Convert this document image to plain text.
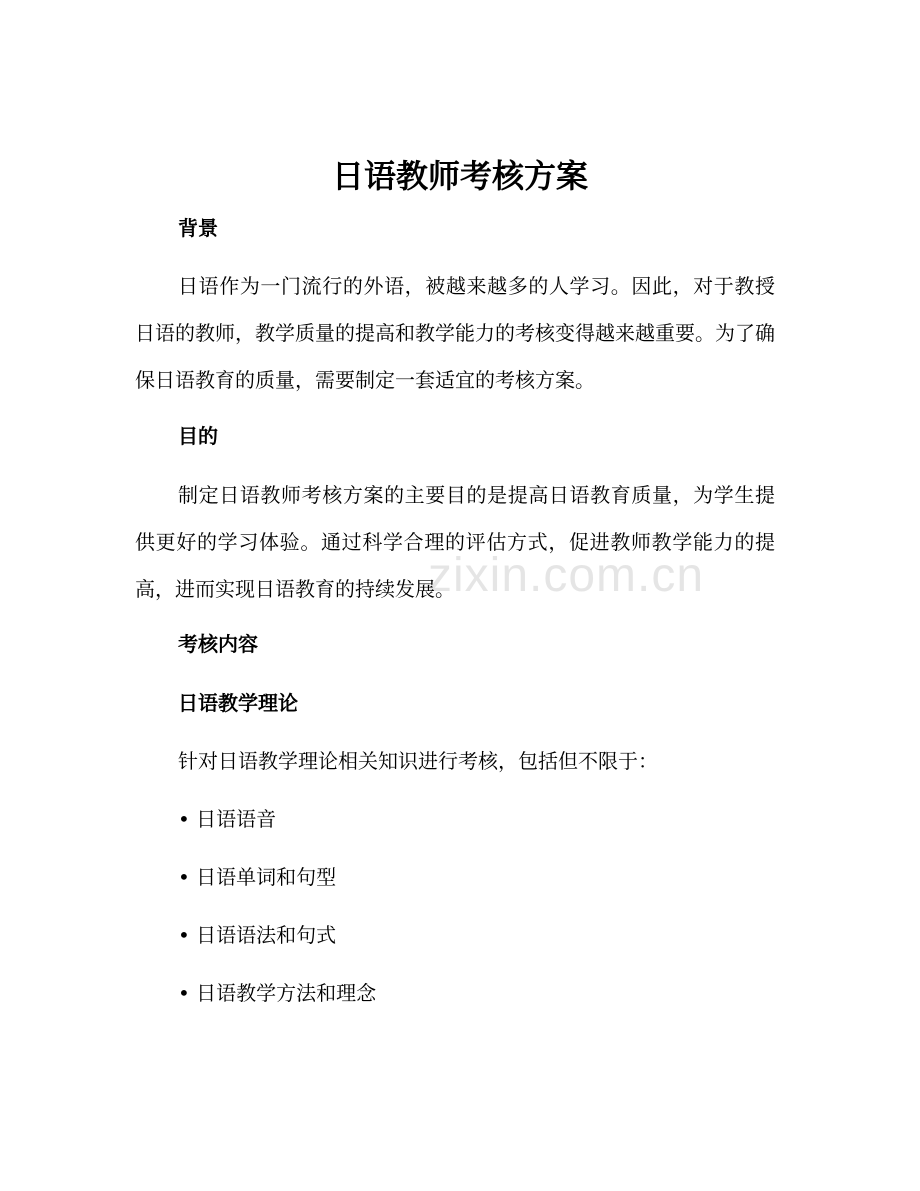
日语教师考核方案
背景
日语作为一门流行的外语，被越来越多的人学习。因此，对于教授日语的教师，教学质量的提高和教学能力的考核变得越来越重要。为了确保日语教育的质量，需要制定一套适宜的考核方案。
目的
制定日语教师考核方案的主要目的是提高日语教育质量，为学生提供更好的学习体验。通过科学合理的评估方式，促进教师教学能力的提高，进而实现日语教育的持续发展。
考核内容
日语教学理论
针对日语教学理论相关知识进行考核，包括但不限于：
• 日语语音
• 日语单词和句型
• 日语语法和句式
• 日语教学方法和理念
zixin.com.cn
